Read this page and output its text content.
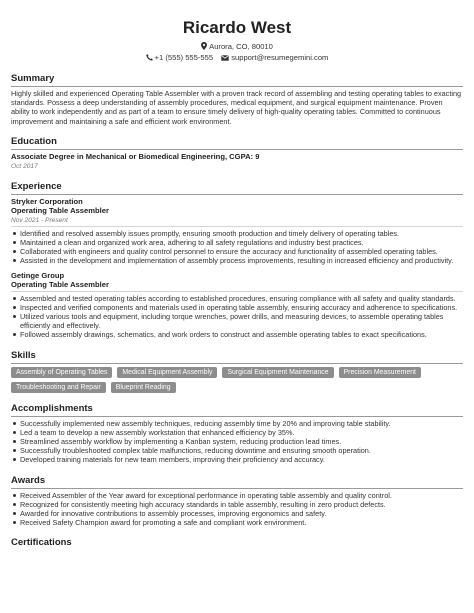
Ricardo West
Aurora, CO, 80010
+1 (555) 555-555 support@resumegemini.com
Summary
Highly skilled and experienced Operating Table Assembler with a proven track record of assembling and testing operating tables to exacting standards. Possess a deep understanding of assembly procedures, medical equipment, and surgical equipment maintenance. Proven ability to work independently and as part of a team to ensure timely delivery of high-quality operating tables. Committed to continuous improvement and maintaining a safe and efficient work environment.
Education
Associate Degree in Mechanical or Biomedical Engineering, CGPA: 9
Oct 2017
Experience
Stryker Corporation
Operating Table Assembler
Nov 2021 - Present
Identified and resolved assembly issues promptly, ensuring smooth production and timely delivery of operating tables.
Maintained a clean and organized work area, adhering to all safety regulations and industry best practices.
Collaborated with engineers and quality control personnel to ensure the accuracy and functionality of assembled operating tables.
Assisted in the development and implementation of assembly process improvements, resulting in increased efficiency and productivity.
Getinge Group
Operating Table Assembler
Assembled and tested operating tables according to established procedures, ensuring compliance with all safety and quality standards.
Inspected and verified components and materials used in operating table assembly, ensuring accuracy and adherence to specifications.
Utilized various tools and equipment, including torque wrenches, power drills, and measuring devices, to assemble operating tables efficiently and effectively.
Followed assembly drawings, schematics, and work orders to construct and assemble operating tables to exact specifications.
Skills
Assembly of Operating Tables	Medical Equipment Assembly	Surgical Equipment Maintenance	Precision Measurement
Troubleshooting and Repair	Blueprint Reading
Accomplishments
Successfully implemented new assembly techniques, reducing assembly time by 20% and improving table stability.
Led a team to develop a new assembly workstation that enhanced efficiency by 35%.
Streamlined assembly workflow by implementing a Kanban system, reducing production lead times.
Successfully troubleshooted complex table malfunctions, reducing downtime and ensuring smooth operation.
Developed training materials for new team members, improving their proficiency and accuracy.
Awards
Received Assembler of the Year award for exceptional performance in operating table assembly and quality control.
Recognized for consistently meeting high accuracy standards in table assembly, resulting in zero product defects.
Awarded for innovative contributions to assembly processes, improving ergonomics and safety.
Received Safety Champion award for promoting a safe and compliant work environment.
Certifications
